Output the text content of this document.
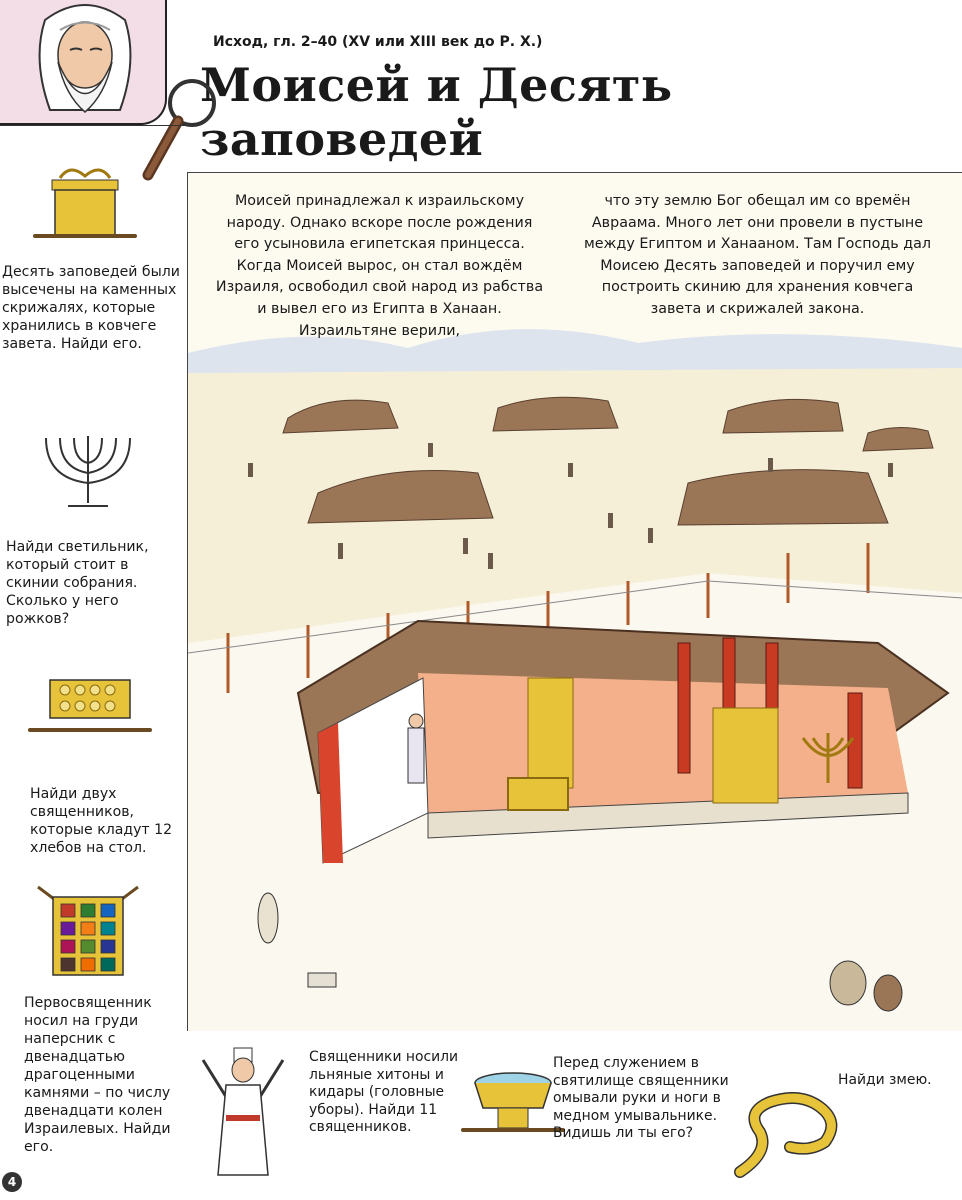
Исход, гл. 2–40 (XV или XIII век до Р. Х.)
Моисей и Десять заповедей
Моисей принадлежал к израильскому народу. Однако вскоре после рождения его усыновила египетская принцесса. Когда Моисей вырос, он стал вождём Израиля, освободил свой народ из рабства и вывел его из Египта в Ханаан. Израильтяне верили,
что эту землю Бог обещал им со времён Авраама. Много лет они провели в пустыне между Египтом и Ханааном. Там Господь дал Моисею Десять заповедей и поручил ему построить скинию для хранения ковчега завета и скрижалей закона.
Десять заповедей были высечены на каменных скрижалях, которые хранились в ковчеге завета. Найди его.
Найди светильник, который стоит в скинии собрания. Сколько у него рожков?
Найди двух священников, которые кладут 12 хлебов на стол.
Первосвященник носил на груди наперсник с двенадцатью драгоценными камнями – по числу двенадцати колен Израилевых. Найди его.
Священники носили льняные хитоны и кидары (головные уборы). Найди 11 священников.
Перед служением в святилище священники омывали руки и ноги в медном умывальнике. Видишь ли ты его?
Найди змею.
4
